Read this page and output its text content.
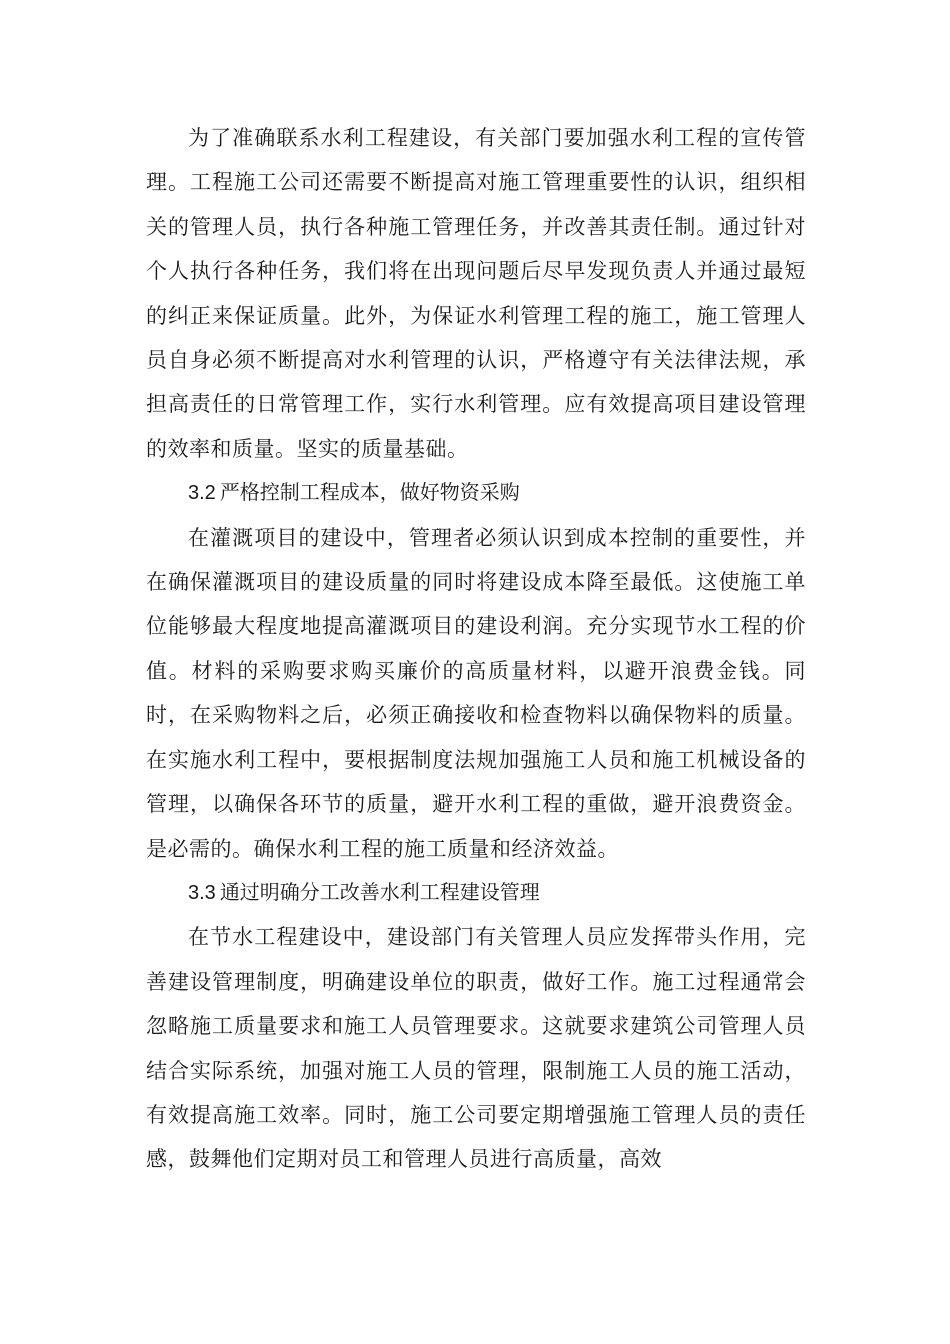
为了准确联系水利工程建设，有关部门要加强水利工程的宣传管理。工程施工公司还需要不断提高对施工管理重要性的认识，组织相关的管理人员，执行各种施工管理任务，并改善其责任制。通过针对个人执行各种任务，我们将在出现问题后尽早发现负责人并通过最短的纠正来保证质量。此外，为保证水利管理工程的施工，施工管理人员自身必须不断提高对水利管理的认识，严格遵守有关法律法规，承担高责任的日常管理工作，实行水利管理。应有效提高项目建设管理的效率和质量。坚实的质量基础。

3.2 严格控制工程成本，做好物资采购

在灌溉项目的建设中，管理者必须认识到成本控制的重要性，并在确保灌溉项目的建设质量的同时将建设成本降至最低。这使施工单位能够最大程度地提高灌溉项目的建设利润。充分实现节水工程的价值。材料的采购要求购买廉价的高质量材料，以避开浪费金钱。同时，在采购物料之后，必须正确接收和检查物料以确保物料的质量。在实施水利工程中，要根据制度法规加强施工人员和施工机械设备的管理，以确保各环节的质量，避开水利工程的重做，避开浪费资金。是必需的。确保水利工程的施工质量和经济效益。

3.3 通过明确分工改善水利工程建设管理

在节水工程建设中，建设部门有关管理人员应发挥带头作用，完善建设管理制度，明确建设单位的职责，做好工作。施工过程通常会忽略施工质量要求和施工人员管理要求。这就要求建筑公司管理人员结合实际系统，加强对施工人员的管理，限制施工人员的施工活动，有效提高施工效率。同时，施工公司要定期增强施工管理人员的责任感，鼓舞他们定期对员工和管理人员进行高质量，高效
